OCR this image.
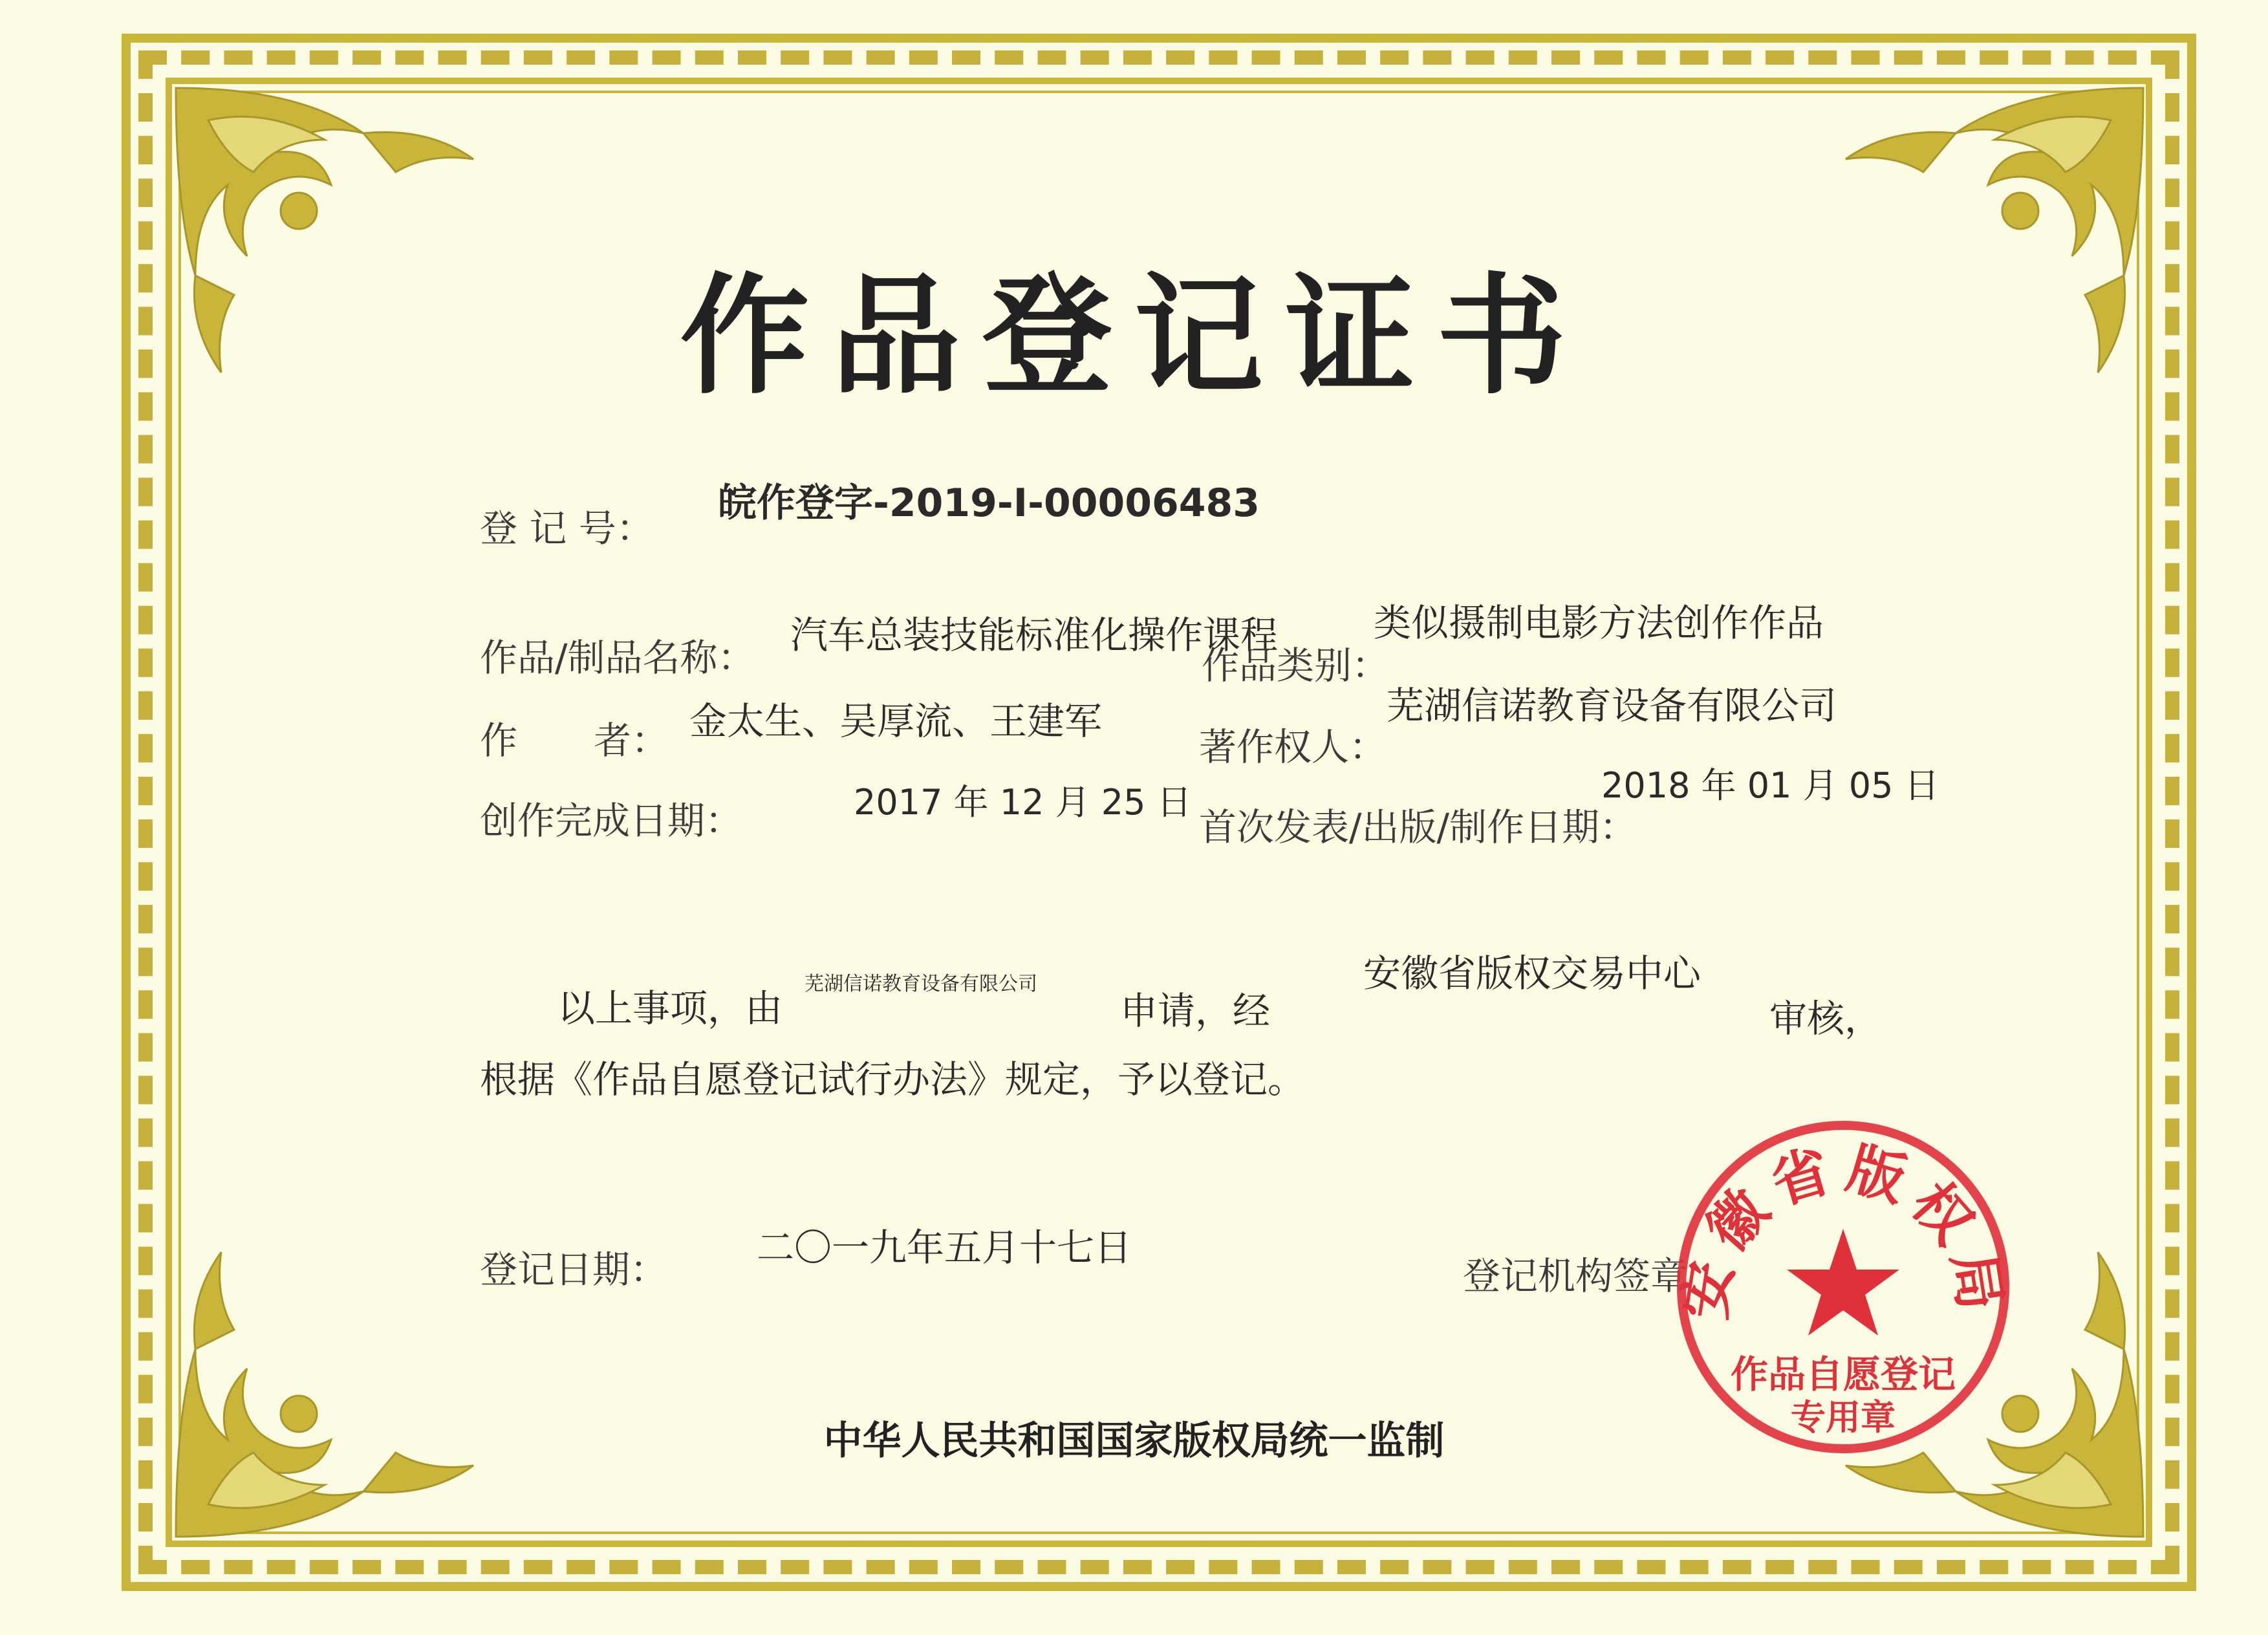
作品登记证书
登 记 号：
皖作登字-2019-I-00006483
作品/制品名称：
汽车总装技能标准化操作课程
作品类别：
类似摄制电影方法创作作品
作 者： 金太生、吴厚流、王建军
著作权人：
芜湖信诺教育设备有限公司
创作完成日期：	2017 年 12 月 25 日
首次发表/出版/制作日期：
2018 年 01 月 05 日
以上事项，由
芜湖信诺教育设备有限公司
申请，经
安徽省版权交易中心
审核，
根据《作品自愿登记试行办法》规定，予以登记。
登记日期： 二〇一九年五月十七日
登记机构签章
安徽省版权局
作品自愿登记
专用章
中华人民共和国国家版权局统一监制
